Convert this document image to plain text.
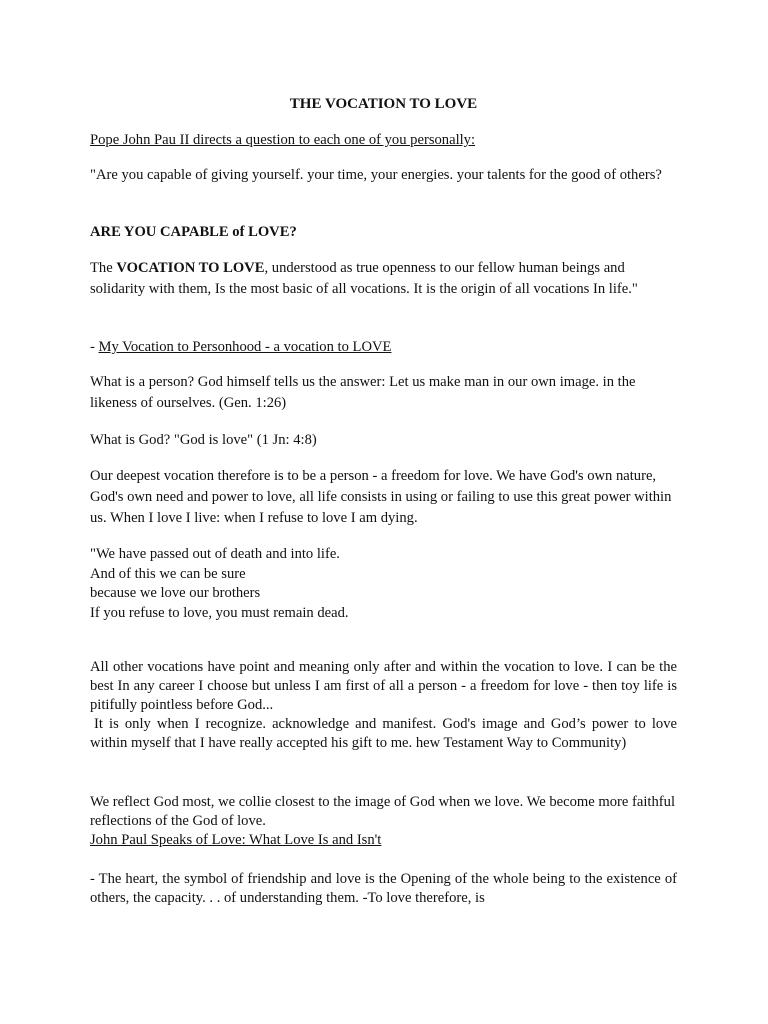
THE VOCATION TO LOVE
Pope John Pau II directs a question to each one of you personally:

"Are you capable of giving yourself. your time, your energies. your talents for the good of others?

ARE YOU CAPABLE of LOVE?

The VOCATION TO LOVE, understood as true openness to our fellow human beings and solidarity with them, Is the most basic of all vocations. It is the origin of all vocations In life."

- My Vocation to Personhood - a vocation to LOVE

What is a person? God himself tells us the answer: Let us make man in our own image. in the likeness of ourselves. (Gen. 1:26)

What is God? "God is love" (1 Jn: 4:8)

Our deepest vocation therefore is to be a person - a freedom for love. We have God's own nature, God's own need and power to love, all life consists in using or failing to use this great power within us. When I love I live: when I refuse to love I am dying.

"We have passed out of death and into life.
And of this we can be sure
because we love our brothers
If you refuse to love, you must remain dead.

All other vocations have point and meaning only after and within the vocation to love. I can be the best In any career I choose but unless I am first of all a person - a freedom for love - then toy life is pitifully pointless before God...

It is only when I recognize. acknowledge and manifest. God's image and God’s power to love within myself that I have really accepted his gift to me. hew Testament Way to Community)

We reflect God most, we collie closest to the image of God when we love. We become more faithful reflections of the God of love.

John Paul Speaks of Love: What Love Is and Isn't

- The heart, the symbol of friendship and love is the Opening of the whole being to the existence of others, the capacity. . . of understanding them. -To love therefore, is
